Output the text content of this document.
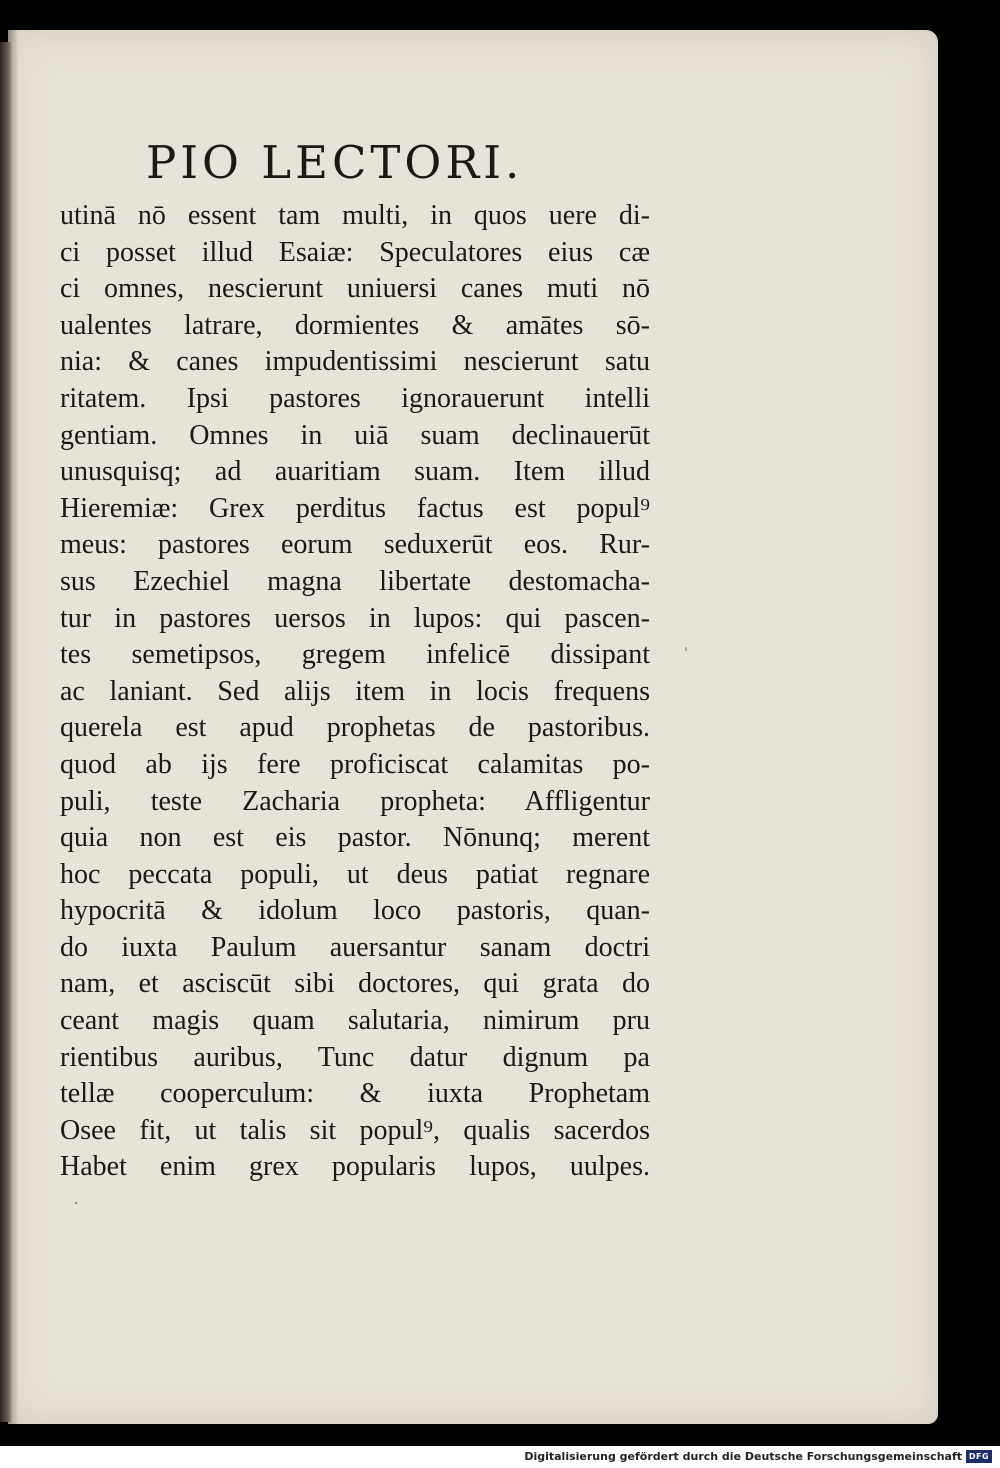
PIO LECTORI.
utinā nō essent tam multi, in quos uere di-
ci posset illud Esaiæ: Speculatores eius cæ
ci omnes, nescierunt uniuersi canes muti nō
ualentes latrare, dormientes & amātes sō-
nia: & canes impudentissimi nescierunt satu
ritatem. Ipsi pastores ignorauerunt intelli
gentiam. Omnes in uiā suam declinauerūt
unusquisq; ad auaritiam suam. Item illud
Hieremiæ: Grex perditus factus est popul⁹
meus: pastores eorum seduxerūt eos. Rur-
sus Ezechiel magna libertate destomacha-
tur in pastores uersos in lupos: qui pascen-
tes semetipsos, gregem infelicē dissipant
ac laniant. Sed alijs item in locis frequens
querela est apud prophetas de pastoribus.
quod ab ijs fere proficiscat calamitas po-
puli, teste Zacharia propheta: Affligentur
quia non est eis pastor. Nōnunq; merent
hoc peccata populi, ut deus patiat regnare
hypocritā & idolum loco pastoris, quan-
do iuxta Paulum auersantur sanam doctri
nam, et ascisсūt sibi doctores, qui grata do
ceant magis quam salutaria, nimirum pru
rientibus auribus, Tunc datur dignum pa
tellæ cooperculum: & iuxta Prophetam
Osee fit, ut talis sit popul⁹, qualis sacerdos
Habet enim grex popularis lupos, uulpes.
ˈ
·
Digitalisierung gefördert durch die Deutsche Forschungsgemeinschaft DFG
